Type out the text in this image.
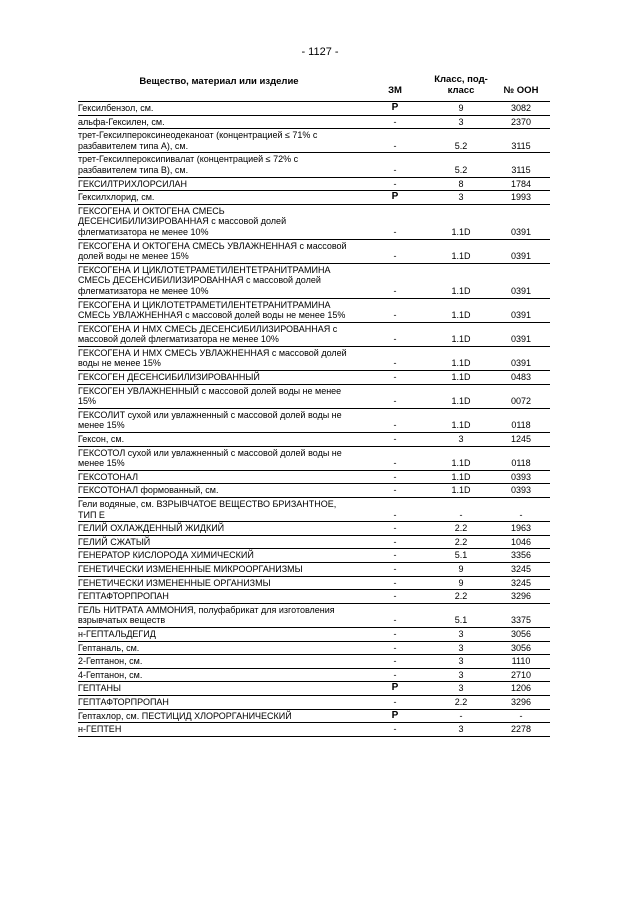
- 1127 -
Вещество, материал или изделие	ЗМ	Класс, под-класс	№ ООН
Гексилбензол, см.	Р	9	3082
альфа-Гексилен, см.	-	3	2370
трет-Гексилпероксинеодеканоат (концентрацией ≤ 71% с разбавителем типа А), см.	-	5.2	3115
трет-Гексилпероксипивалат (концентрацией ≤ 72% с разбавителем типа В), см.	-	5.2	3115
ГЕКСИЛТРИХЛОРСИЛАН	-	8	1784
Гексилхлорид, см.	Р	3	1993
ГЕКСОГЕНА И ОКТОГЕНА СМЕСЬ ДЕСЕНСИБИЛИЗИРОВАННАЯ с массовой долей флегматизатора не менее 10%	-	1.1D	0391
ГЕКСОГЕНА И ОКТОГЕНА СМЕСЬ УВЛАЖНЕННАЯ с массовой долей воды не менее 15%	-	1.1D	0391
ГЕКСОГЕНА И ЦИКЛОТЕТРАМЕТИЛЕНТЕТРАНИТРАМИНА СМЕСЬ ДЕСЕНСИБИЛИЗИРОВАННАЯ с массовой долей флегматизатора не менее 10%	-	1.1D	0391
ГЕКСОГЕНА И ЦИКЛОТЕТРАМЕТИЛЕНТЕТРАНИТРАМИНА СМЕСЬ УВЛАЖНЕННАЯ с массовой долей воды не менее 15%	-	1.1D	0391
ГЕКСОГЕНА И НМХ СМЕСЬ ДЕСЕНСИБИЛИЗИРОВАННАЯ с массовой долей флегматизатора не менее 10%	-	1.1D	0391
ГЕКСОГЕНА И НМХ СМЕСЬ УВЛАЖНЕННАЯ с массовой долей воды не менее 15%	-	1.1D	0391
ГЕКСОГЕН ДЕСЕНСИБИЛИЗИРОВАННЫЙ	-	1.1D	0483
ГЕКСОГЕН УВЛАЖНЕННЫЙ с массовой долей воды не менее 15%	-	1.1D	0072
ГЕКСОЛИТ сухой или увлажненный с массовой долей воды не менее 15%	-	1.1D	0118
Гексон, см.	-	3	1245
ГЕКСОТОЛ сухой или увлажненный с массовой долей воды не менее 15%	-	1.1D	0118
ГЕКСОТОНАЛ	-	1.1D	0393
ГЕКСОТОНАЛ формованный, см.	-	1.1D	0393
Гели водяные, см. ВЗРЫВЧАТОЕ ВЕЩЕСТВО БРИЗАНТНОЕ, ТИП Е	-	-	-
ГЕЛИЙ ОХЛАЖДЕННЫЙ ЖИДКИЙ	-	2.2	1963
ГЕЛИЙ СЖАТЫЙ	-	2.2	1046
ГЕНЕРАТОР КИСЛОРОДА ХИМИЧЕСКИЙ	-	5.1	3356
ГЕНЕТИЧЕСКИ ИЗМЕНЕННЫЕ МИКРООРГАНИЗМЫ	-	9	3245
ГЕНЕТИЧЕСКИ ИЗМЕНЕННЫЕ ОРГАНИЗМЫ	-	9	3245
ГЕПТАФТОРПРОПАН	-	2.2	3296
ГЕЛЬ НИТРАТА АММОНИЯ, полуфабрикат для изготовления взрывчатых веществ	-	5.1	3375
н-ГЕПТАЛЬДЕГИД	-	3	3056
Гептаналь, см.	-	3	3056
2-Гептанон, см.	-	3	1110
4-Гептанон, см.	-	3	2710
ГЕПТАНЫ	Р	3	1206
ГЕПТАФТОРПРОПАН	-	2.2	3296
Гептахлор, см. ПЕСТИЦИД ХЛОРОРГАНИЧЕСКИЙ	Р	-	-
н-ГЕПТЕН	-	3	2278
